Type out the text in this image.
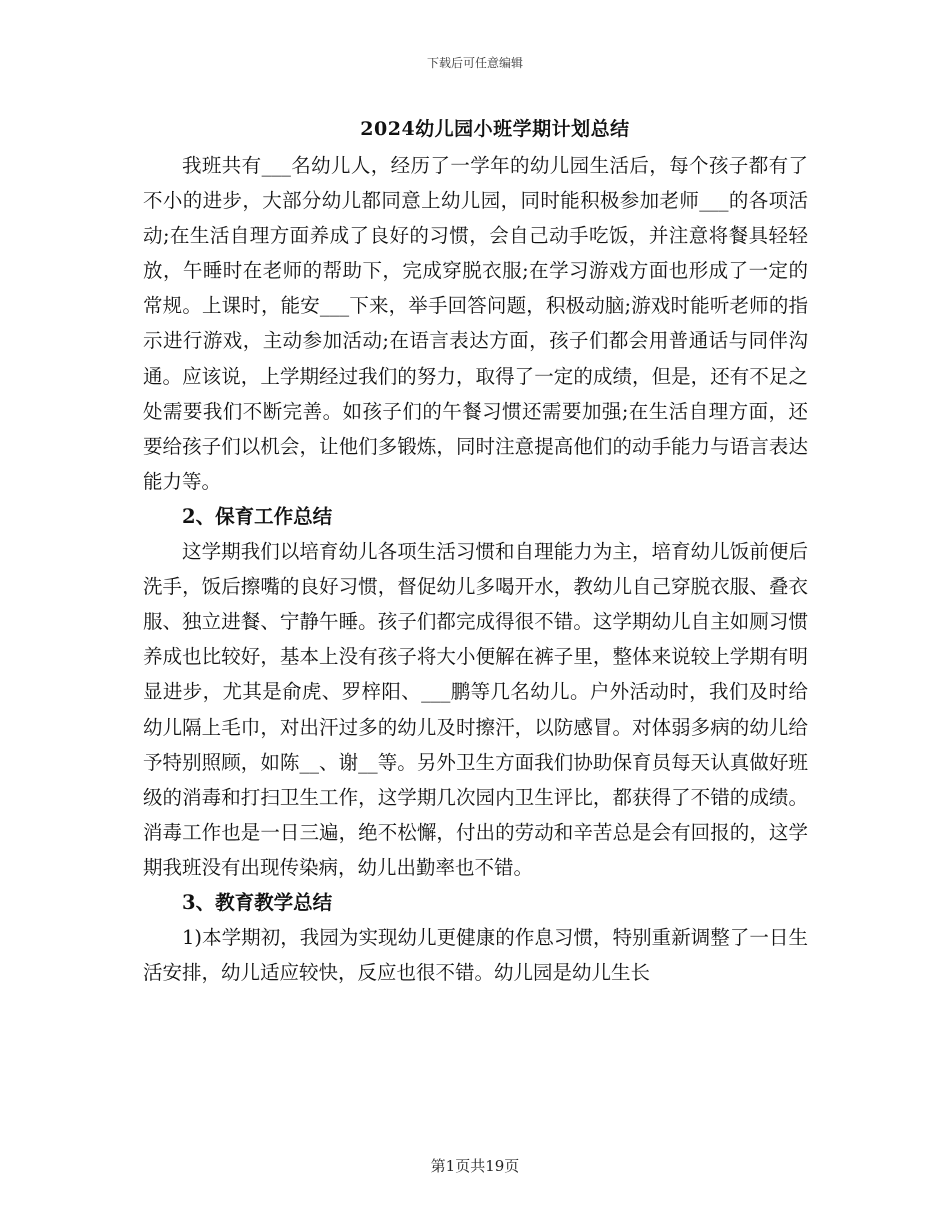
下载后可任意编辑
2024幼儿园小班学期计划总结

我班共有___名幼儿人，经历了一学年的幼儿园生活后，每个孩子都有了不小的进步，大部分幼儿都同意上幼儿园，同时能积极参加老师___的各项活动;在生活自理方面养成了良好的习惯，会自己动手吃饭，并注意将餐具轻轻放，午睡时在老师的帮助下，完成穿脱衣服;在学习游戏方面也形成了一定的常规。上课时，能安___下来，举手回答问题，积极动脑;游戏时能听老师的指示进行游戏，主动参加活动;在语言表达方面，孩子们都会用普通话与同伴沟通。应该说，上学期经过我们的努力，取得了一定的成绩，但是，还有不足之处需要我们不断完善。如孩子们的午餐习惯还需要加强;在生活自理方面，还要给孩子们以机会，让他们多锻炼，同时注意提高他们的动手能力与语言表达能力等。

2、保育工作总结

这学期我们以培育幼儿各项生活习惯和自理能力为主，培育幼儿饭前便后洗手，饭后擦嘴的良好习惯，督促幼儿多喝开水，教幼儿自己穿脱衣服、叠衣服、独立进餐、宁静午睡。孩子们都完成得很不错。这学期幼儿自主如厕习惯养成也比较好，基本上没有孩子将大小便解在裤子里，整体来说较上学期有明显进步，尤其是俞虎、罗梓阳、___鹏等几名幼儿。户外活动时，我们及时给幼儿隔上毛巾，对出汗过多的幼儿及时擦汗，以防感冒。对体弱多病的幼儿给予特别照顾，如陈__、谢__等。另外卫生方面我们协助保育员每天认真做好班级的消毒和打扫卫生工作，这学期几次园内卫生评比，都获得了不错的成绩。消毒工作也是一日三遍，绝不松懈，付出的劳动和辛苦总是会有回报的，这学期我班没有出现传染病，幼儿出勤率也不错。

3、教育教学总结

1)本学期初，我园为实现幼儿更健康的作息习惯，特别重新调整了一日生活安排，幼儿适应较快，反应也很不错。幼儿园是幼儿生长

第1页共19页
